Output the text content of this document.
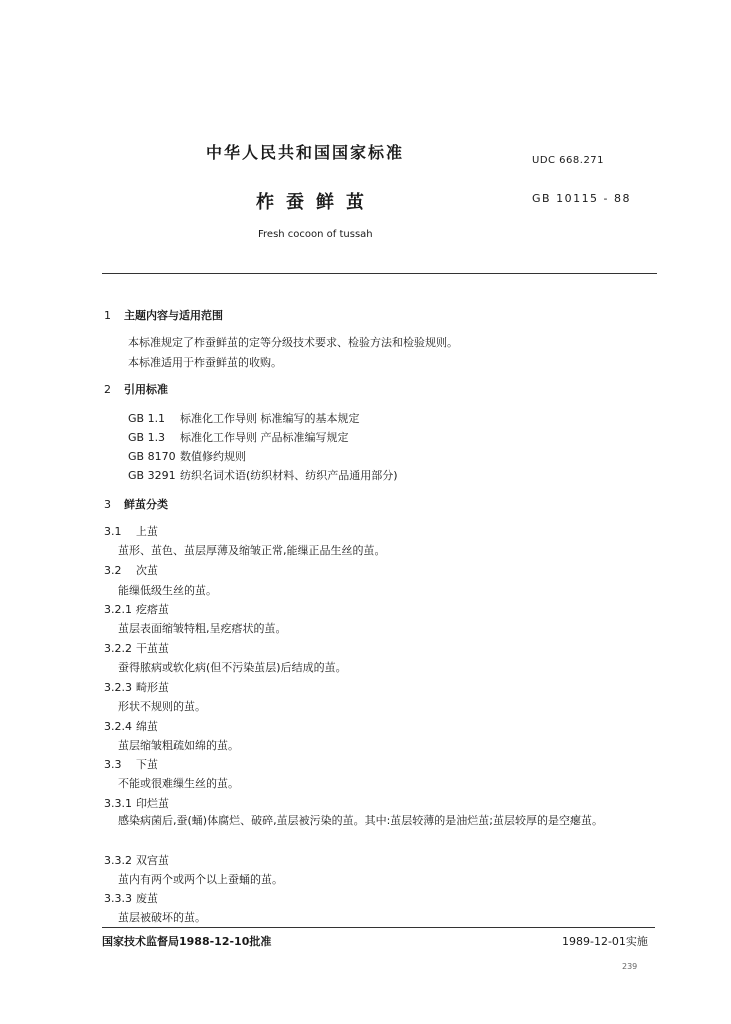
中华人民共和国国家标准	UDC 668.271
柞蚕鲜茧	GB 10115 - 88
Fresh cocoon of tussah
1 主题内容与适用范围
本标准规定了柞蚕鲜茧的定等分级技术要求、检验方法和检验规则。
本标准适用于柞蚕鲜茧的收购。
2 引用标准
GB 1.1 标准化工作导则 标准编写的基本规定
GB 1.3 标准化工作导则 产品标准编写规定
GB 8170 数值修约规则
GB 3291 纺织名词术语(纺织材料、纺织产品通用部分)
3 鲜茧分类
3.1 上茧
茧形、茧色、茧层厚薄及缩皱正常,能缫正品生丝的茧。
3.2 次茧
能缫低级生丝的茧。
3.2.1 疙瘩茧
茧层表面缩皱特粗,呈疙瘩状的茧。
3.2.2 干茧茧
蚕得脓病或软化病(但不污染茧层)后结成的茧。
3.2.3 畸形茧
形状不规则的茧。
3.2.4 绵茧
茧层缩皱粗疏如绵的茧。
3.3 下茧
不能或很难缫生丝的茧。
3.3.1 印烂茧
感染病菌后,蚕(蛹)体腐烂、破碎,茧层被污染的茧。其中:茧层较薄的是油烂茧;茧层较厚的是空瘪茧。
3.3.2 双宫茧
茧内有两个或两个以上蚕蛹的茧。
3.3.3 废茧
茧层被破坏的茧。
国家技术监督局1988-12-10批准	1989-12-01实施
239
